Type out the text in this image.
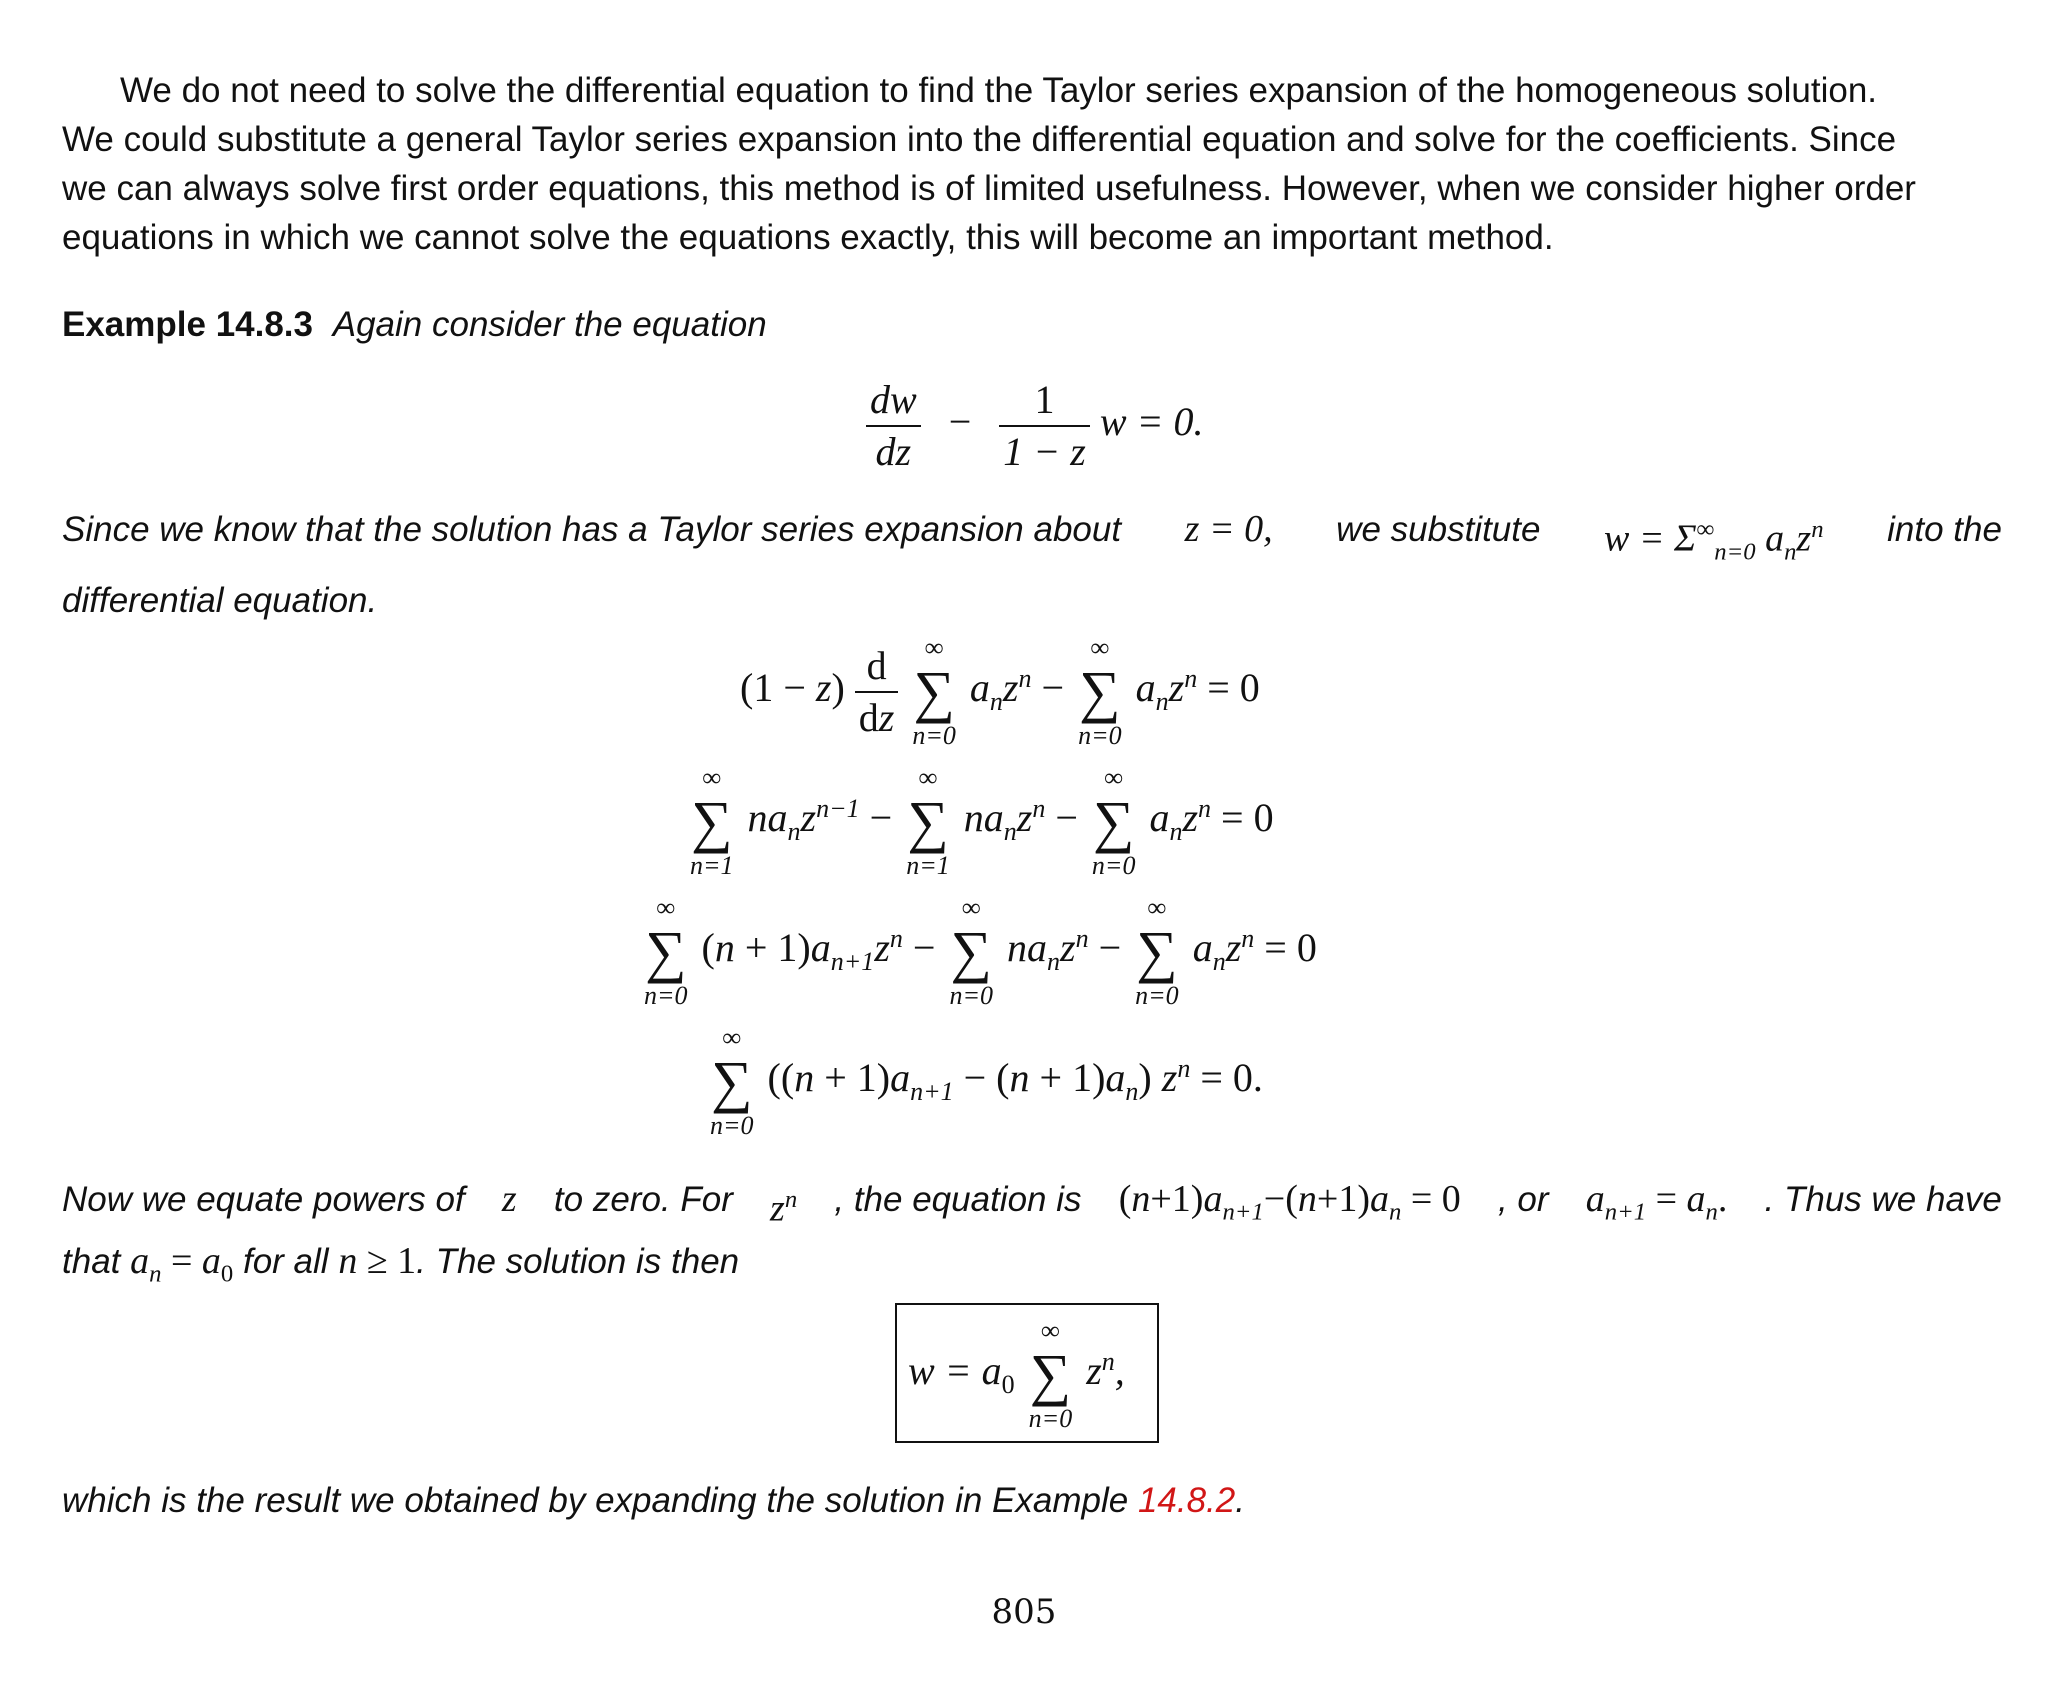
We do not need to solve the differential equation to find the Taylor series expansion of the homogeneous solution.
We could substitute a general Taylor series expansion into the differential equation and solve for the coefficients. Since
we can always solve first order equations, this method is of limited usefulness. However, when we consider higher order
equations in which we cannot solve the equations exactly, this will become an important method.
Example 14.8.3 Again consider the equation
$\frac{dw}{dz} - \frac{1}{1 - z}$ w = 0.
Since we know that the solution has a Taylor series expansion about z = 0, we substitute $w = \Sigma^\infty_{n=0}$ $a_nz^n$ into the
differential equation.
$(1 - z) \frac{d}{dz}$
	∞
∑
n=0
$a_nz^n$ −
∞
∑
n=0
$a_nz^n = 0$
∞
∑
n=1
$na_nz^{n-1}$ −
∞
∑
n=1
$na_nz^n$ −
∞
∑
n=0
$a_nz^n = 0$
∞
∑
n=0
$(n + 1)a_{n+1}z^n$ −
∞
∑
n=0
$na_nz^n$ −
∞
∑
n=0
$a_nz^n = 0$
∞
∑
n=0
$((n + 1)a_{n+1} - (n + 1)a_n)$ $z^n = 0$.
Now we equate powers of z to zero. For $z^n$ , the equation is $(n+1)a_{n+1}-(n+1)a_n = 0$ , or $a_{n+1} = a_n$. . Thus we have
that $a_n = a_0$ for all n ≥ 1. The solution is then
$w = a_0$
∞
∑
n=0
$z^n$,
which is the result we obtained by expanding the solution in Example 14.8.2.
805
